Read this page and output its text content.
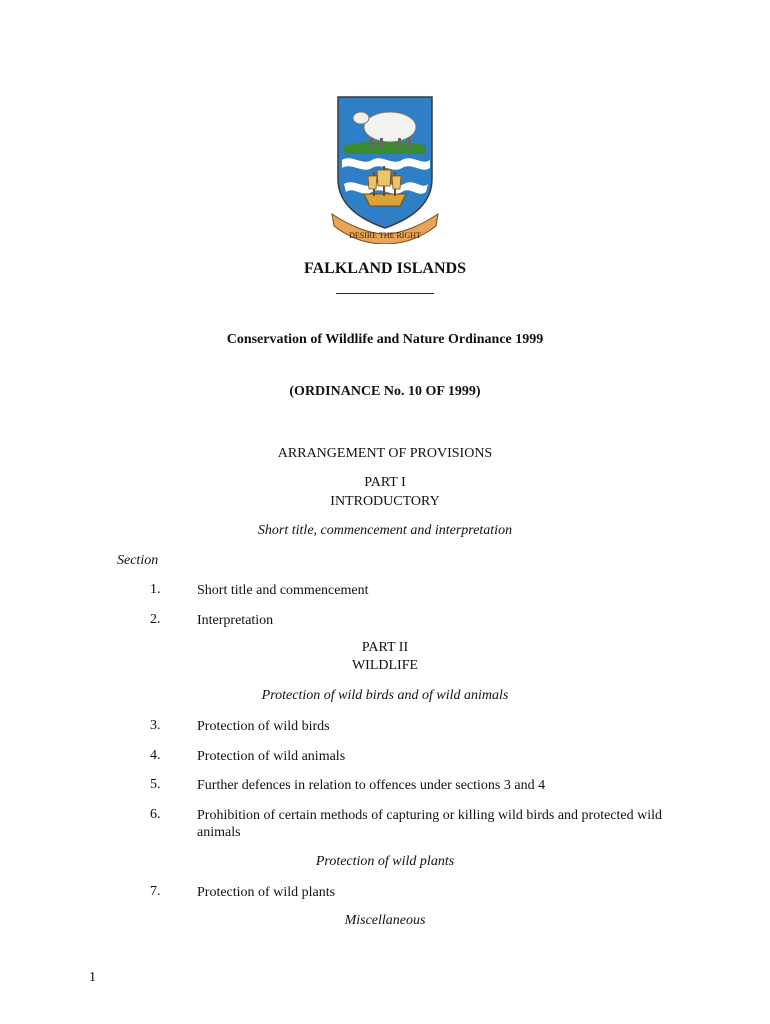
DESIRE THE RIGHT

FALKLAND ISLANDS

Conservation of Wildlife and Nature Ordinance 1999

(ORDINANCE No. 10 OF 1999)

ARRANGEMENT OF PROVISIONS

PART I

INTRODUCTORY

Short title, commencement and interpretation

Section

1.	Short title and commencement

2.	Interpretation

PART II

WILDLIFE

Protection of wild birds and of wild animals

3.	Protection of wild birds

4.	Protection of wild animals

5.	Further defences in relation to offences under sections 3 and 4

6.	Prohibition of certain methods of capturing or killing wild birds and protected wild animals

Protection of wild plants

7.	Protection of wild plants

Miscellaneous

1
